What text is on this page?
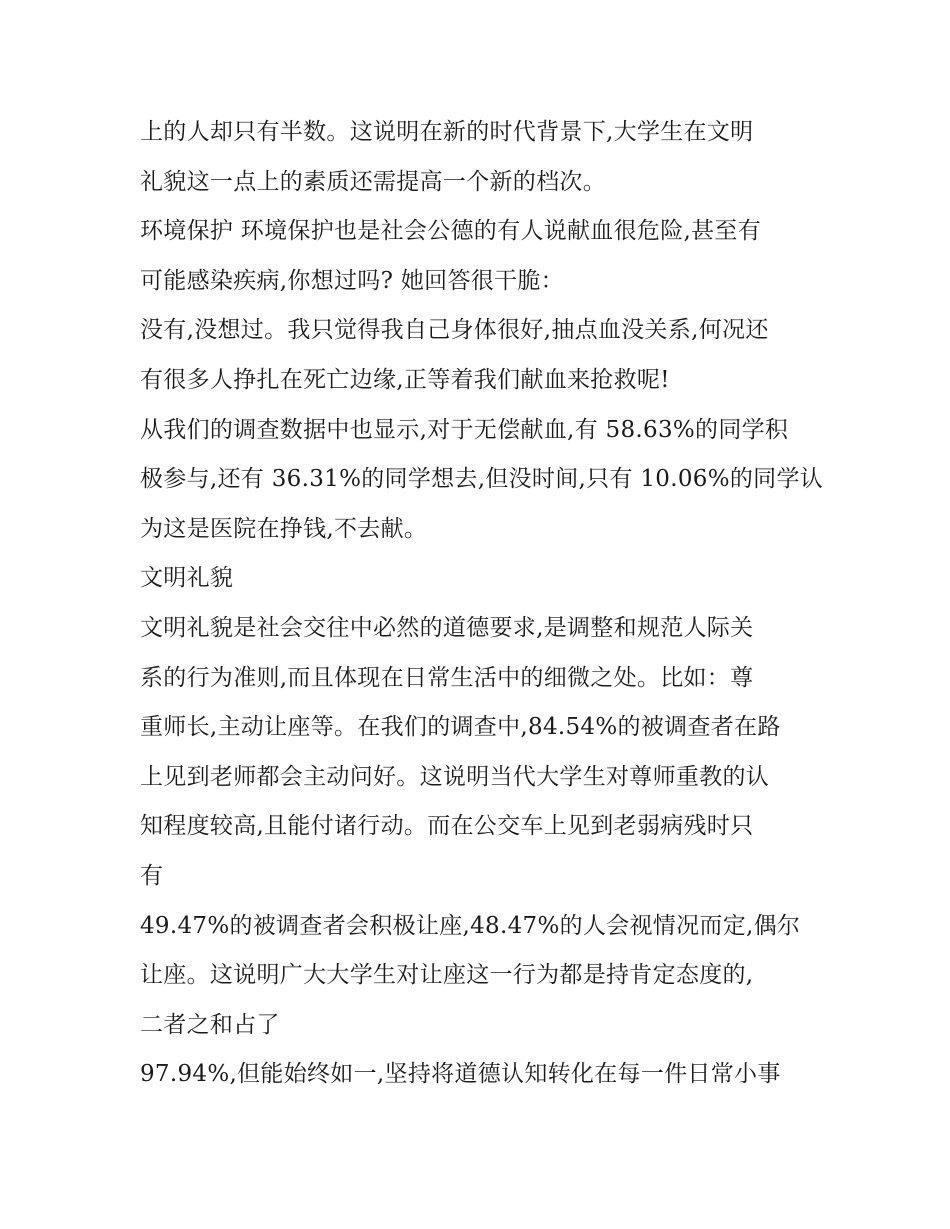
上的人却只有半数。这说明在新的时代背景下,大学生在文明
礼貌这一点上的素质还需提高一个新的档次。
环境保护 环境保护也是社会公德的有人说献血很危险,甚至有
可能感染疾病,你想过吗? 她回答很干脆：
没有,没想过。我只觉得我自己身体很好,抽点血没关系,何况还
有很多人挣扎在死亡边缘,正等着我们献血来抢救呢!
从我们的调查数据中也显示,对于无偿献血,有 58.63%的同学积
极参与,还有 36.31%的同学想去,但没时间,只有 10.06%的同学认
为这是医院在挣钱,不去献。
文明礼貌
文明礼貌是社会交往中必然的道德要求,是调整和规范人际关
系的行为准则,而且体现在日常生活中的细微之处。比如：尊
重师长,主动让座等。在我们的调查中,84.54%的被调查者在路
上见到老师都会主动问好。这说明当代大学生对尊师重教的认
知程度较高,且能付诸行动。而在公交车上见到老弱病残时只
有
49.47%的被调查者会积极让座,48.47%的人会视情况而定,偶尔
让座。这说明广大大学生对让座这一行为都是持肯定态度的,
二者之和占了
97.94%,但能始终如一,坚持将道德认知转化在每一件日常小事
